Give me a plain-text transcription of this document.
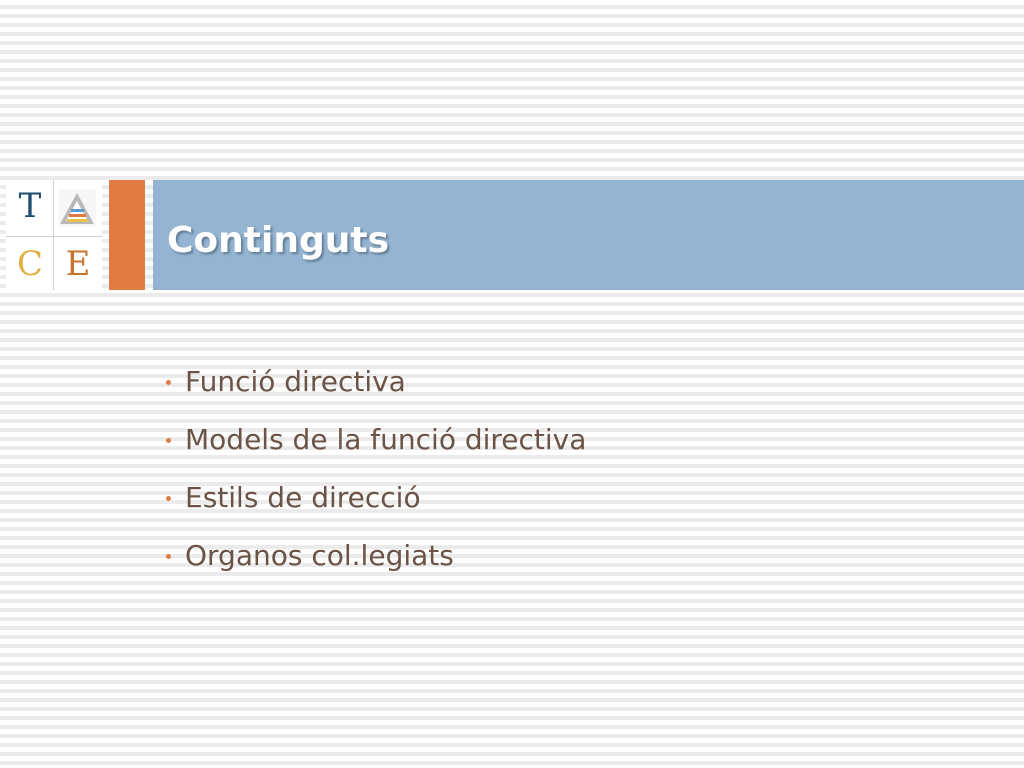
T
C E
Continguts
Funció directiva
Models de la funció directiva
Estils de direcció
Organos col.legiats
